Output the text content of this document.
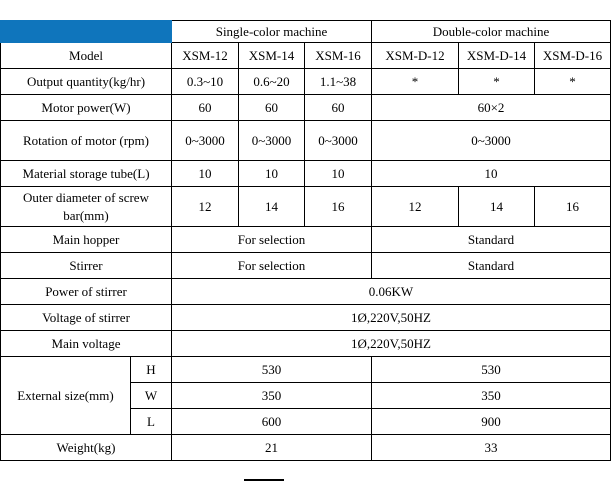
		Single-color machine			Double-color machine		
Model		XSM-12	XSM-14	XSM-16	XSM-D-12	XSM-D-14	XSM-D-16
Output quantity(kg/hr)		0.3~10	0.6~20	1.1~38	*	*	*
Motor power(W)		60	60	60	60×2		
Rotation of motor (rpm)		0~3000	0~3000	0~3000	0~3000		
Material storage tube(L)		10	10	10	10		
Outer diameter of screw bar(mm)		12	14	16	12	14	16
Main hopper		For selection			Standard		
Stirrer		For selection			Standard		
Power of stirrer		0.06KW					
Voltage of stirrer		1Ø,220V,50HZ					
Main voltage		1Ø,220V,50HZ					
External size(mm)	H	530			530		
	W	350			350		
	L	600			900		
Weight(kg)		21			33		
